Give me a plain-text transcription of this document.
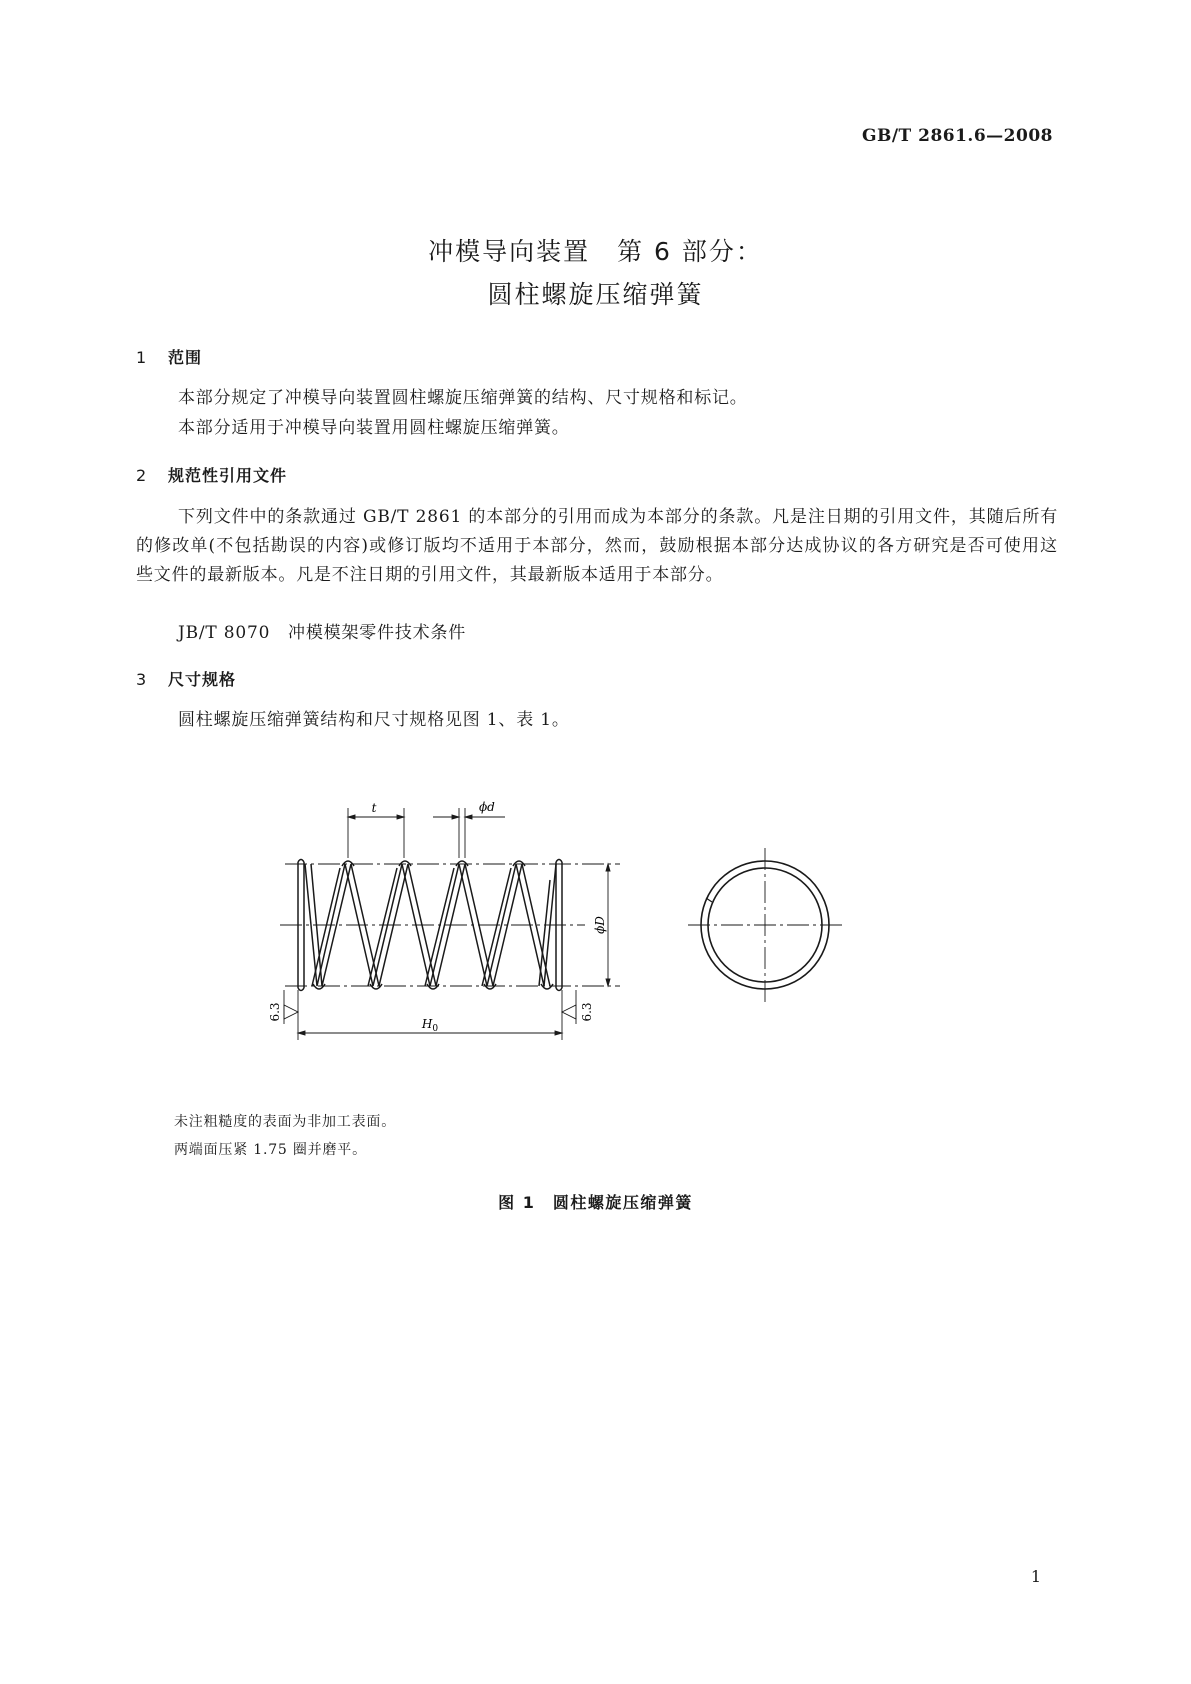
GB/T 2861.6—2008

冲模导向装置　第 6 部分：
圆柱螺旋压缩弹簧
1 范围

本部分规定了冲模导向装置圆柱螺旋压缩弹簧的结构、尺寸规格和标记。

本部分适用于冲模导向装置用圆柱螺旋压缩弹簧。

2 规范性引用文件

下列文件中的条款通过 GB/T 2861 的本部分的引用而成为本部分的条款。凡是注日期的引用文件，其随后所有的修改单(不包括勘误的内容)或修订版均不适用于本部分，然而，鼓励根据本部分达成协议的各方研究是否可使用这些文件的最新版本。凡是不注日期的引用文件，其最新版本适用于本部分。

JB/T 8070　冲模模架零件技术条件

3 尺寸规格

圆柱螺旋压缩弹簧结构和尺寸规格见图 1、表 1。

t	ϕd
ϕD
$H_0$
6.3	6.3

未注粗糙度的表面为非加工表面。

两端面压紧 1.75 圈并磨平。

图 1　圆柱螺旋压缩弹簧

1
